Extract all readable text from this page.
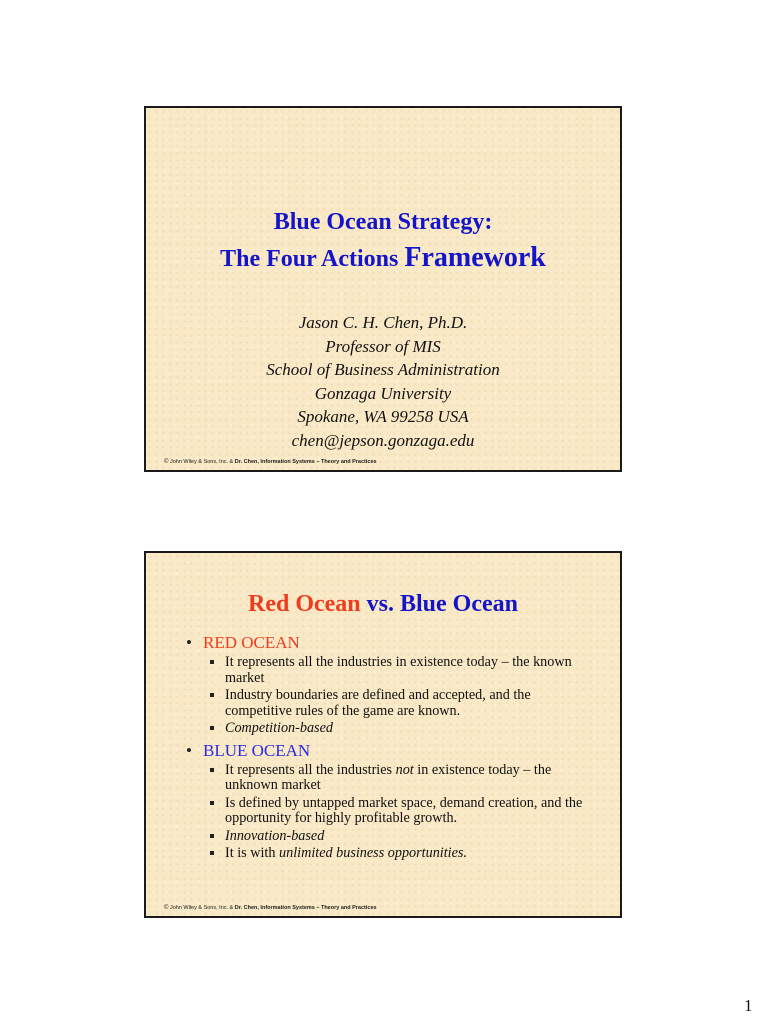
Blue Ocean Strategy:
The Four Actions Framework
Jason C. H. Chen, Ph.D.
Professor of MIS
School of Business Administration
Gonzaga University
Spokane, WA 99258 USA
chen@jepson.gonzaga.edu
© John Wiley & Sons, Inc. & Dr. Chen, Information Systems – Theory and Practices
Red Ocean vs. Blue Ocean
• RED OCEAN
It represents all the industries in existence today – the known market
Industry boundaries are defined and accepted, and the competitive rules of the game are known.
Competition-based
• BLUE OCEAN
It represents all the industries not in existence today – the unknown market
Is defined by untapped market space, demand creation, and the opportunity for highly profitable growth.
Innovation-based
It is with unlimited business opportunities.
© John Wiley & Sons, Inc. & Dr. Chen, Information Systems – Theory and Practices
1
